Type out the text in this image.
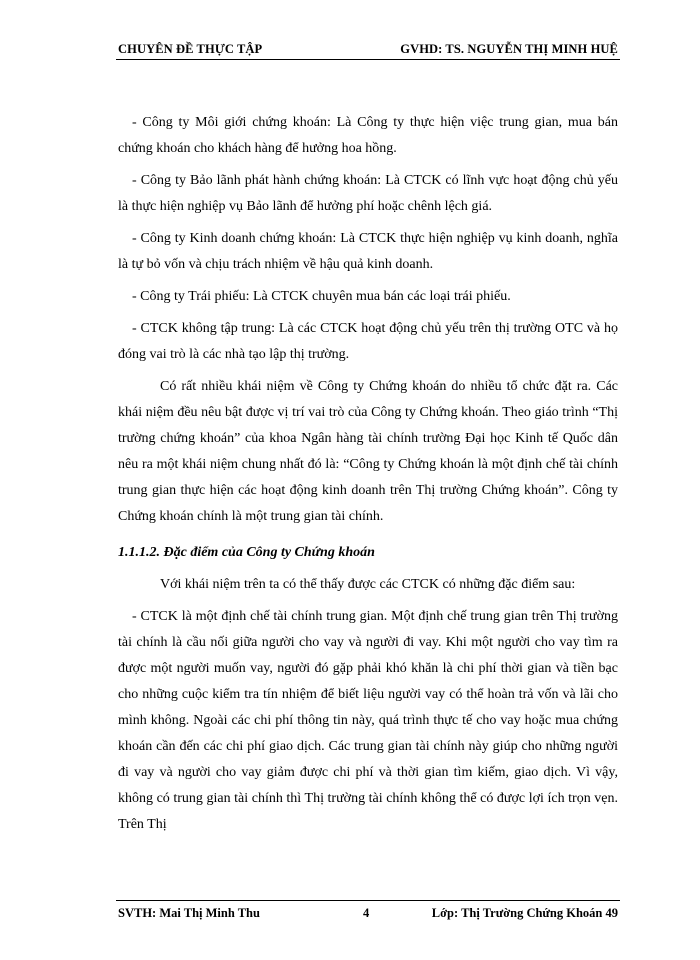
CHUYÊN ĐỀ THỰC TẬP	GVHD: TS. NGUYỄN THỊ MINH HUỆ

- Công ty Môi giới chứng khoán: Là Công ty thực hiện việc trung gian, mua bán chứng khoán cho khách hàng để hưởng hoa hồng.

- Công ty Bảo lãnh phát hành chứng khoán: Là CTCK có lĩnh vực hoạt động chủ yếu là thực hiện nghiệp vụ Bảo lãnh để hưởng phí hoặc chênh lệch giá.

- Công ty Kinh doanh chứng khoán: Là CTCK thực hiện nghiệp vụ kinh doanh, nghĩa là tự bỏ vốn và chịu trách nhiệm về hậu quả kinh doanh.

- Công ty Trái phiếu: Là CTCK chuyên mua bán các loại trái phiếu.

- CTCK không tập trung: Là các CTCK hoạt động chủ yếu trên thị trường OTC và họ đóng vai trò là các nhà tạo lập thị trường.

Có rất nhiều khái niệm về Công ty Chứng khoán do nhiều tổ chức đặt ra. Các khái niệm đều nêu bật được vị trí vai trò của Công ty Chứng khoán. Theo giáo trình “Thị trường chứng khoán” của khoa Ngân hàng tài chính trường Đại học Kinh tế Quốc dân nêu ra một khái niệm chung nhất đó là: “Công ty Chứng khoán là một định chế tài chính trung gian thực hiện các hoạt động kinh doanh trên Thị trường Chứng khoán”. Công ty Chứng khoán chính là một trung gian tài chính.

1.1.1.2. Đặc điểm của Công ty Chứng khoán

Với khái niệm trên ta có thể thấy được các CTCK có những đặc điểm sau:

- CTCK là một định chế tài chính trung gian. Một định chế trung gian trên Thị trường tài chính là cầu nối giữa người cho vay và người đi vay. Khi một người cho vay tìm ra được một người muốn vay, người đó gặp phải khó khăn là chi phí thời gian và tiền bạc cho những cuộc kiểm tra tín nhiệm để biết liệu người vay có thể hoàn trả vốn và lãi cho mình không. Ngoài các chi phí thông tin này, quá trình thực tế cho vay hoặc mua chứng khoán cần đến các chi phí giao dịch. Các trung gian tài chính này giúp cho những người đi vay và người cho vay giảm được chi phí và thời gian tìm kiếm, giao dịch. Vì vậy, không có trung gian tài chính thì Thị trường tài chính không thể có được lợi ích trọn vẹn. Trên Thị

SVTH: Mai Thị Minh Thu	4	Lớp: Thị Trường Chứng Khoán 49
